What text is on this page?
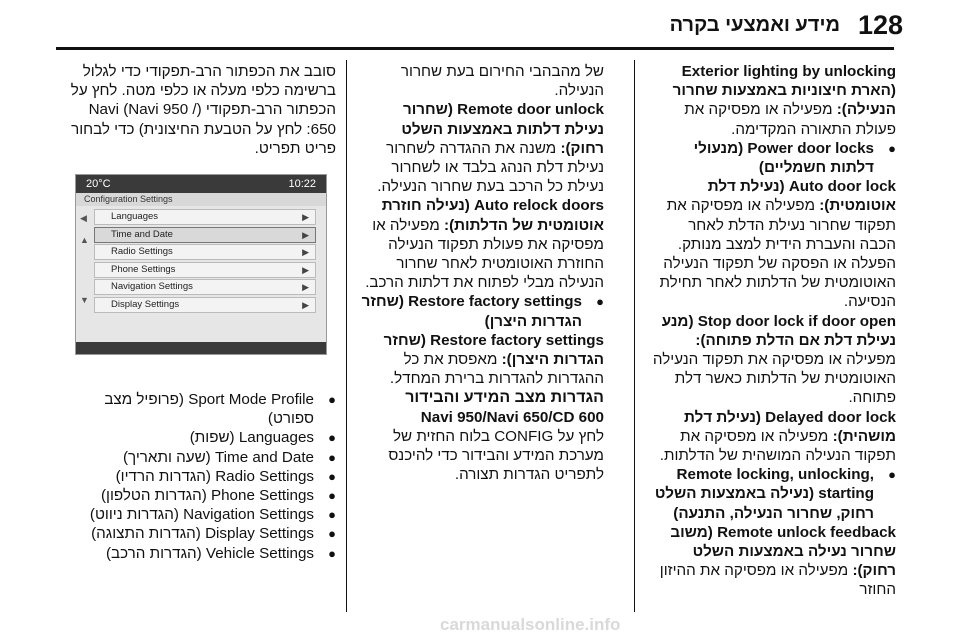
128
מידע ואמצעי בקרה

Exterior lighting by unlocking (הארת חיצוניות באמצעות שחרור הנעילה): מפעילה או מפסיקה את פעולת התאורה המקדימה.

● Power door locks (מנעולי דלתות חשמליים)

Auto door lock (נעילת דלת אוטומטית): מפעילה או מפסיקה את תפקוד שחרור נעילת הדלת לאחר הכבה והעברת הידית למצב מנותק. הפעלה או הפסקה של תפקוד הנעילה האוטומטית של הדלתות לאחר תחילת הנסיעה.

Stop door lock if door open (מנע נעילת דלת אם הדלת פתוחה): מפעילה או מפסיקה את תפקוד הנעילה האוטומטית של הדלתות כאשר דלת פתוחה.

Delayed door lock (נעילת דלת מושהית): מפעילה או מפסיקה את תפקוד הנעילה המושהית של הדלתות.

● Remote locking, unlocking, starting (נעילה באמצעות השלט רחוק, שחרור הנעילה, התנעה)

Remote unlock feedback (משוב שחרור נעילה באמצעות השלט רחוק): מפעילה או מפסיקה את ההיזון החוזר

של מהבהבי החירום בעת שחרור הנעילה.

Remote door unlock (שחרור נעילת דלתות באמצעות השלט רחוק): משנה את ההגדרה לשחרור נעילת דלת הנהג בלבד או לשחרור נעילת כל הרכב בעת שחרור הנעילה.

Auto relock doors (נעילה חוזרת אוטומטית של הדלתות): מפעילה או מפסיקה את פעולת תפקוד הנעילה החוזרת האוטומטית לאחר שחרור הנעילה מבלי לפתוח את דלתות הרכב.

● Restore factory settings (שחזר הגדרות היצרן)

Restore factory settings (שחזר הגדרות היצרן): מאפסת את כל ההגדרות להגדרות ברירת המחדל.

הגדרות מצב המידע והבידור

Navi 950/Navi 650/CD 600

לחץ על CONFIG בלוח החזית של מערכת המידע והבידור כדי להיכנס לתפריט הגדרות תצורה.

סובב את הכפתור הרב-תפקודי כדי לגלול ברשימה כלפי מעלה או כלפי מטה. לחץ על הכפתור הרב-תפקודי (/ Navi 950) Navi 650: לחץ על הטבעת החיצונית) כדי לבחור פריט תפריט.

20°C	10:22
Configuration Settings
◀
▲
▼
Languages	▶
Time and Date	▶
Radio Settings	▶
Phone Settings	▶
Navigation Settings	▶
Display Settings	▶

● Sport Mode Profile (פרופיל מצב ספורט)

● Languages (שפות)

● Time and Date (שעה ותאריך)

● Radio Settings (הגדרות הרדיו)

● Phone Settings (הגדרות הטלפון)

● Navigation Settings (הגדרות ניווט)

● Display Settings (הגדרות התצוגה)

● Vehicle Settings (הגדרות הרכב)

carmanualsonline.info
